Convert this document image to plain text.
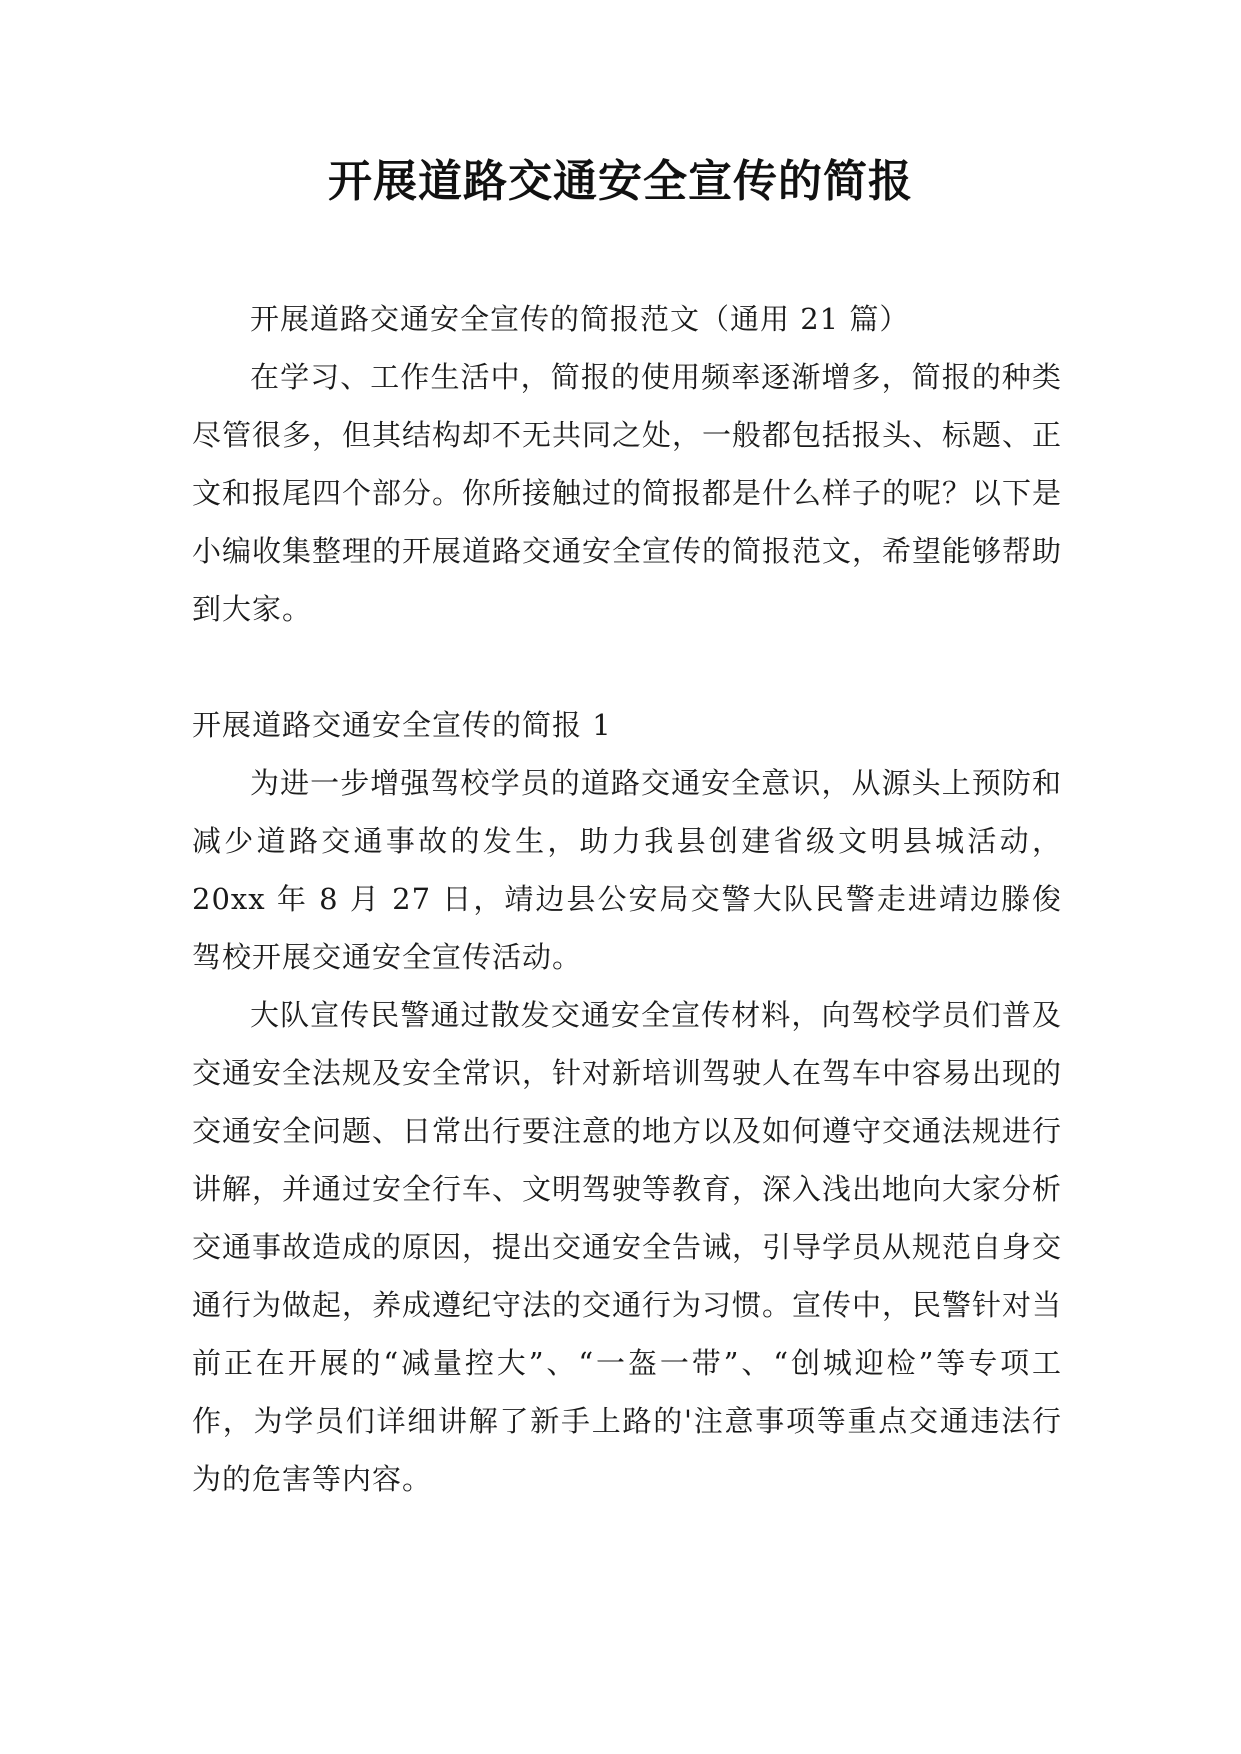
开展道路交通安全宣传的简报

开展道路交通安全宣传的简报范文（通用 21 篇）

在学习、工作生活中，简报的使用频率逐渐增多，简报的种类尽管很多，但其结构却不无共同之处，一般都包括报头、标题、正文和报尾四个部分。你所接触过的简报都是什么样子的呢？以下是小编收集整理的开展道路交通安全宣传的简报范文，希望能够帮助到大家。

开展道路交通安全宣传的简报 1

为进一步增强驾校学员的道路交通安全意识，从源头上预防和减少道路交通事故的发生，助力我县创建省级文明县城活动，20xx 年 8 月 27 日，靖边县公安局交警大队民警走进靖边滕俊驾校开展交通安全宣传活动。

大队宣传民警通过散发交通安全宣传材料，向驾校学员们普及交通安全法规及安全常识，针对新培训驾驶人在驾车中容易出现的交通安全问题、日常出行要注意的地方以及如何遵守交通法规进行讲解，并通过安全行车、文明驾驶等教育，深入浅出地向大家分析交通事故造成的原因，提出交通安全告诫，引导学员从规范自身交通行为做起，养成遵纪守法的交通行为习惯。宣传中，民警针对当前正在开展的“减量控大”、“一盔一带”、“创城迎检”等专项工作，为学员们详细讲解了新手上路的'注意事项等重点交通违法行为的危害等内容。
